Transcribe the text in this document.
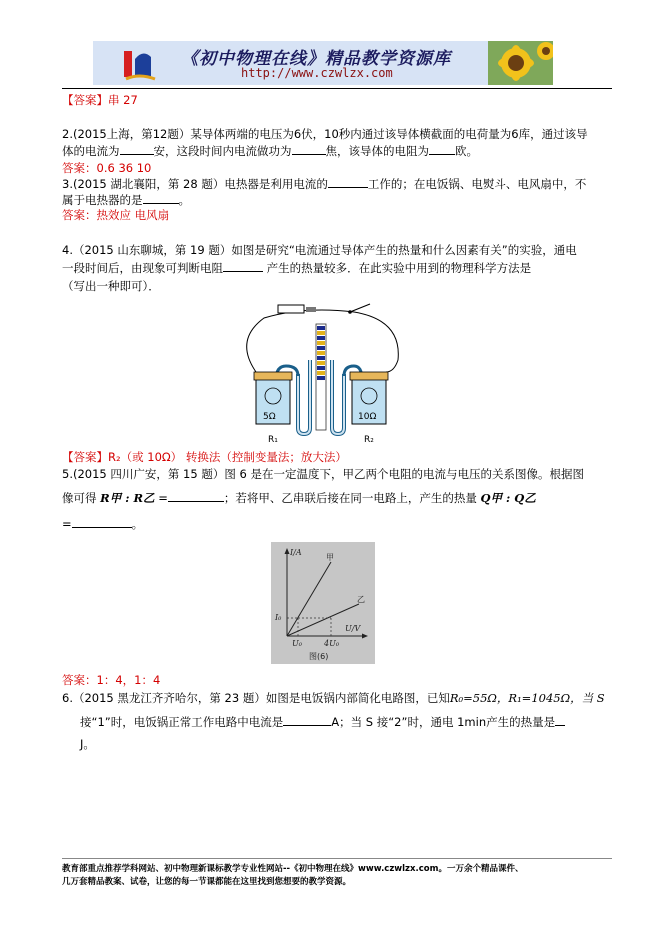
《初中物理在线》精品教学资源库
http://www.czwlzx.com
【答案】串 27
2.(2015上海，第12题）某导体两端的电压为6伏，10秒内通过该导体横截面的电荷量为6库，通过该导
体的电流为	安，这段时间内电流做功为	焦，该导体的电阻为 欧。
答案：0.6 36 10
3.(2015 湖北襄阳，第 28 题）电热器是利用电流的	工作的；在电饭锅、电熨斗、电风扇中，不
属于电热器的是	。
答案：热效应 电风扇
4.（2015 山东聊城，第 19 题）如图是研究“电流通过导体产生的热量和什么因素有关”的实验，通电
一段时间后，由现象可判断电阻	产生的热量较多．在此实验中用到的物理科学方法是
（写出一种即可）．
5Ω	10Ω
R₁	R₂
【答案】R₂（或 10Ω） 转换法（控制变量法；放大法）
5.(2015 四川广安，第 15 题）图 6 是在一定温度下，甲乙两个电阻的电流与电压的关系图像。根据图
像可得 R甲 : R乙 =	；若将甲、乙串联后接在同一电路上，产生的热量 Q甲 : Q乙
=	。
I/A
U/V
甲
乙
I₀
U₀	4U₀
图(6)
答案：1：4，1：4
6.（2015 黑龙江齐齐哈尔，第 23 题）如图是电饭锅内部简化电路图，已知R₀=55Ω，R₁=1045Ω，当 S
接“1”时，电饭锅正常工作电路中电流是	A；当 S 接“2”时，通电 1min产生的热量是
J。
教育部重点推荐学科网站、初中物理新课标教学专业性网站--《初中物理在线》www.czwlzx.com。一万余个精品课件、
几万套精品教案、试卷，让您的每一节课都能在这里找到您想要的教学资源。
